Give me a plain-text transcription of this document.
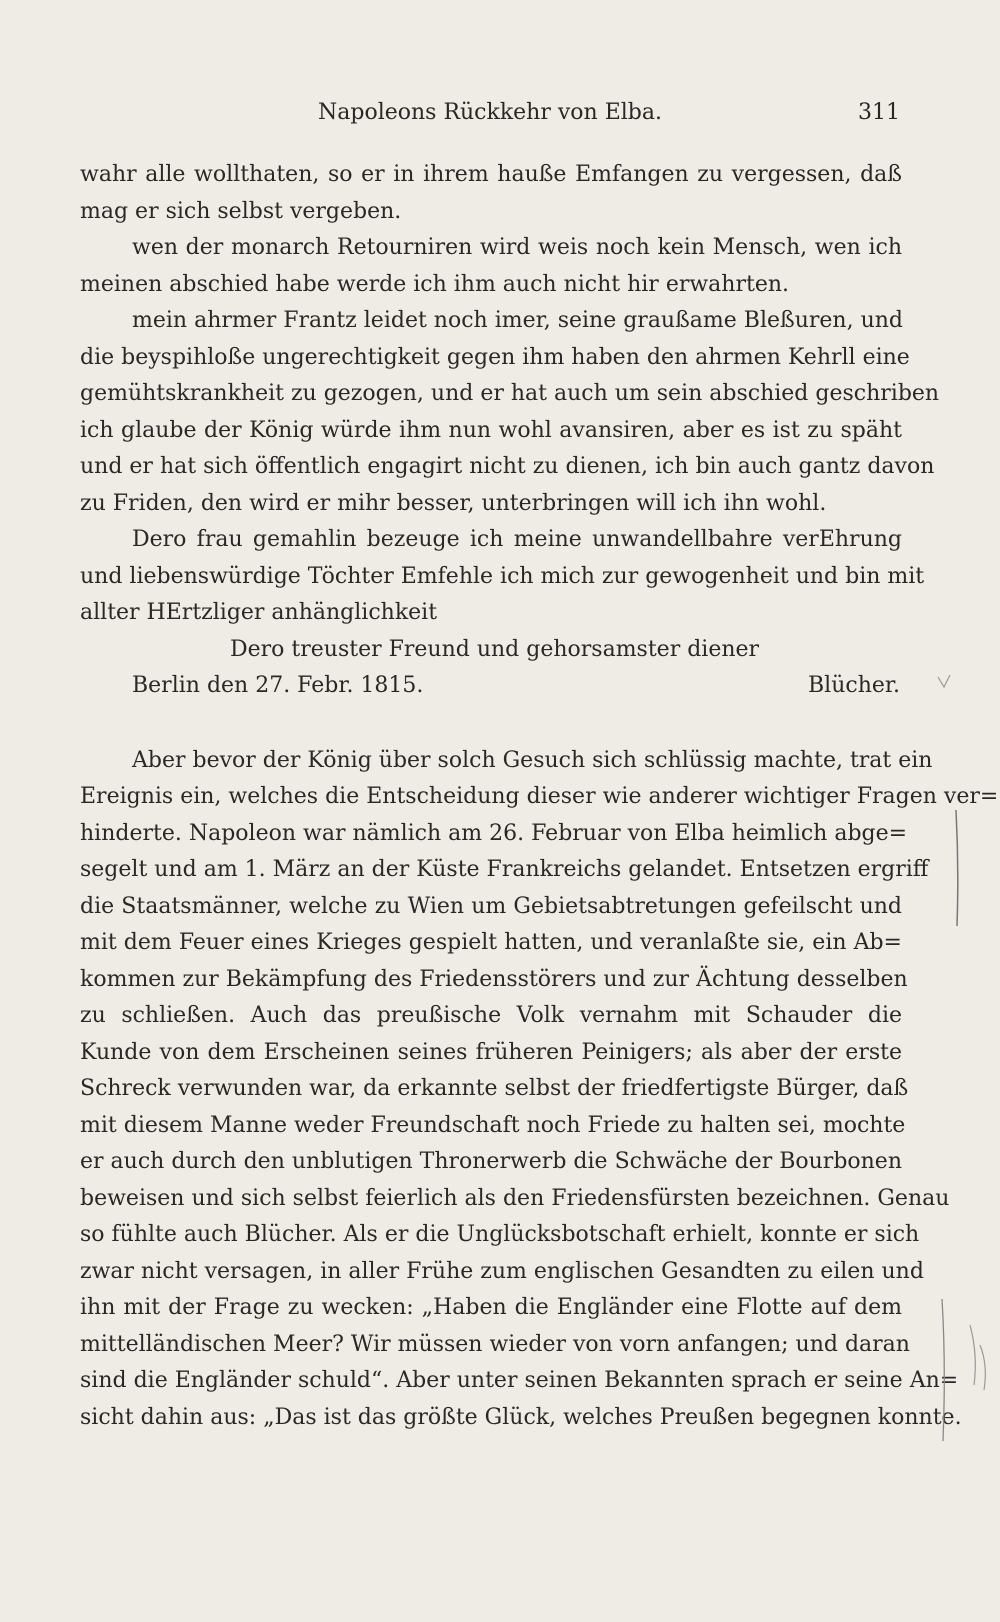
Napoleons Rückkehr von Elba.	311
wahr alle wollthaten, so er in ihrem hauße Emfangen zu vergessen, daß
mag er sich selbst vergeben.
wen der monarch Retourniren wird weis noch kein Mensch, wen ich
meinen abschied habe werde ich ihm auch nicht hir erwahrten.
mein ahrmer Frantz leidet noch imer, seine graußame Bleßuren, und
die beyspihloße ungerechtigkeit gegen ihm haben den ahrmen Kehrll eine
gemühtskrankheit zu gezogen, und er hat auch um sein abschied geschriben
ich glaube der König würde ihm nun wohl avansiren, aber es ist zu späht
und er hat sich öffentlich engagirt nicht zu dienen, ich bin auch gantz davon
zu Friden, den wird er mihr besser, unterbringen will ich ihn wohl.
Dero frau gemahlin bezeuge ich meine unwandellbahre verEhrung
und liebenswürdige Töchter Emfehle ich mich zur gewogenheit und bin mit
allter HErtzliger anhänglichkeit
Dero treuster Freund und gehorsamster diener
Berlin den 27. Febr. 1815.	Blücher.
Aber bevor der König über solch Gesuch sich schlüssig machte, trat ein
Ereignis ein, welches die Entscheidung dieser wie anderer wichtiger Fragen ver=
hinderte. Napoleon war nämlich am 26. Februar von Elba heimlich abge=
segelt und am 1. März an der Küste Frankreichs gelandet. Entsetzen ergriff
die Staatsmänner, welche zu Wien um Gebietsabtretungen gefeilscht und
mit dem Feuer eines Krieges gespielt hatten, und veranlaßte sie, ein Ab=
kommen zur Bekämpfung des Friedensstörers und zur Ächtung desselben
zu schließen. Auch das preußische Volk vernahm mit Schauder die
Kunde von dem Erscheinen seines früheren Peinigers; als aber der erste
Schreck verwunden war, da erkannte selbst der friedfertigste Bürger, daß
mit diesem Manne weder Freundschaft noch Friede zu halten sei, mochte
er auch durch den unblutigen Thronerwerb die Schwäche der Bourbonen
beweisen und sich selbst feierlich als den Friedensfürsten bezeichnen. Genau
so fühlte auch Blücher. Als er die Unglücksbotschaft erhielt, konnte er sich
zwar nicht versagen, in aller Frühe zum englischen Gesandten zu eilen und
ihn mit der Frage zu wecken: „Haben die Engländer eine Flotte auf dem
mittelländischen Meer? Wir müssen wieder von vorn anfangen; und daran
sind die Engländer schuld“. Aber unter seinen Bekannten sprach er seine An=
sicht dahin aus: „Das ist das größte Glück, welches Preußen begegnen konnte.
